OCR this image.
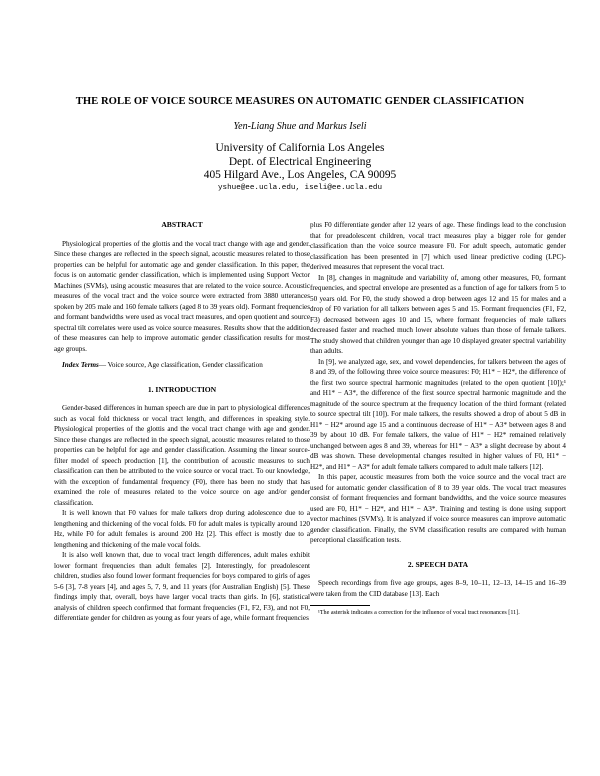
THE ROLE OF VOICE SOURCE MEASURES ON AUTOMATIC GENDER CLASSIFICATION
Yen-Liang Shue and Markus Iseli
University of California Los Angeles
Dept. of Electrical Engineering
405 Hilgard Ave., Los Angeles, CA 90095
yshue@ee.ucla.edu, iseli@ee.ucla.edu
ABSTRACT

Physiological properties of the glottis and the vocal tract change with age and gender. Since these changes are reflected in the speech signal, acoustic measures related to those properties can be helpful for automatic age and gender classification. In this paper, the focus is on automatic gender classification, which is implemented using Support Vector Machines (SVMs), using acoustic measures that are related to the voice source. Acoustic measures of the vocal tract and the voice source were extracted from 3880 utterances spoken by 205 male and 160 female talkers (aged 8 to 39 years old). Formant frequencies and formant bandwidths were used as vocal tract measures, and open quotient and source spectral tilt correlates were used as voice source measures. Results show that the addition of these measures can help to improve automatic gender classification results for most age groups.

Index Terms— Voice source, Age classification, Gender classification

1. INTRODUCTION

Gender-based differences in human speech are due in part to physiological differences such as vocal fold thickness or vocal tract length, and differences in speaking style. Physiological properties of the glottis and the vocal tract change with age and gender. Since these changes are reflected in the speech signal, acoustic measures related to those properties can be helpful for age and gender classification. Assuming the linear source-filter model of speech production [1], the contribution of acoustic measures to such classification can then be attributed to the voice source or vocal tract. To our knowledge, with the exception of fundamental frequency (F0), there has been no study that has examined the role of measures related to the voice source on age and/or gender classification.

It is well known that F0 values for male talkers drop during adolescence due to a lengthening and thickening of the vocal folds. F0 for adult males is typically around 120 Hz, while F0 for adult females is around 200 Hz [2]. This effect is mostly due to a lengthening and thickening of the male vocal folds.

It is also well known that, due to vocal tract length differences, adult males exhibit lower formant frequencies than adult females [2]. Interestingly, for preadolescent children, studies also found lower formant frequencies for boys compared to girls of ages 5-6 [3], 7-8 years [4], and ages 5, 7, 9, and 11 years (for Australian English) [5]. These findings imply that, overall, boys have larger vocal tracts than girls. In [6], statistical analysis of children speech confirmed that formant frequencies (F1, F2, F3), and not F0, differentiate gender for children as young as four years of age, while formant frequencies

plus F0 differentiate gender after 12 years of age. These findings lead to the conclusion that for preadolescent children, vocal tract measures play a bigger role for gender classification than the voice source measure F0. For adult speech, automatic gender classification has been presented in [7] which used linear predictive coding (LPC)-derived measures that represent the vocal tract.

In [8], changes in magnitude and variability of, among other measures, F0, formant frequencies, and spectral envelope are presented as a function of age for talkers from 5 to 50 years old. For F0, the study showed a drop between ages 12 and 15 for males and a drop of F0 variation for all talkers between ages 5 and 15. Formant frequencies (F1, F2, F3) decreased between ages 10 and 15, where formant frequencies of male talkers decreased faster and reached much lower absolute values than those of female talkers. The study showed that children younger than age 10 displayed greater spectral variability than adults.

In [9], we analyzed age, sex, and vowel dependencies, for talkers between the ages of 8 and 39, of the following three voice source measures: F0; H1* − H2*, the difference of the first two source spectral harmonic magnitudes (related to the open quotient [10]);¹ and H1* − A3*, the difference of the first source spectral harmonic magnitude and the magnitude of the source spectrum at the frequency location of the third formant (related to source spectral tilt [10]). For male talkers, the results showed a drop of about 5 dB in H1* − H2* around age 15 and a continuous decrease of H1* − A3* between ages 8 and 39 by about 10 dB. For female talkers, the value of H1* − H2* remained relatively unchanged between ages 8 and 39, whereas for H1* − A3* a slight decrease by about 4 dB was shown. These developmental changes resulted in higher values of F0, H1* − H2*, and H1* − A3* for adult female talkers compared to adult male talkers [12].

In this paper, acoustic measures from both the voice source and the vocal tract are used for automatic gender classification of 8 to 39 year olds. The vocal tract measures consist of formant frequencies and formant bandwidths, and the voice source measures used are F0, H1* − H2*, and H1* − A3*. Training and testing is done using support vector machines (SVM's). It is analyzed if voice source measures can improve automatic gender classification. Finally, the SVM classification results are compared with human perceptional classification tests.

2. SPEECH DATA

Speech recordings from five age groups, ages 8–9, 10–11, 12–13, 14–15 and 16–39 were taken from the CID database [13]. Each

¹The asterisk indicates a correction for the influence of vocal tract resonances [11].
